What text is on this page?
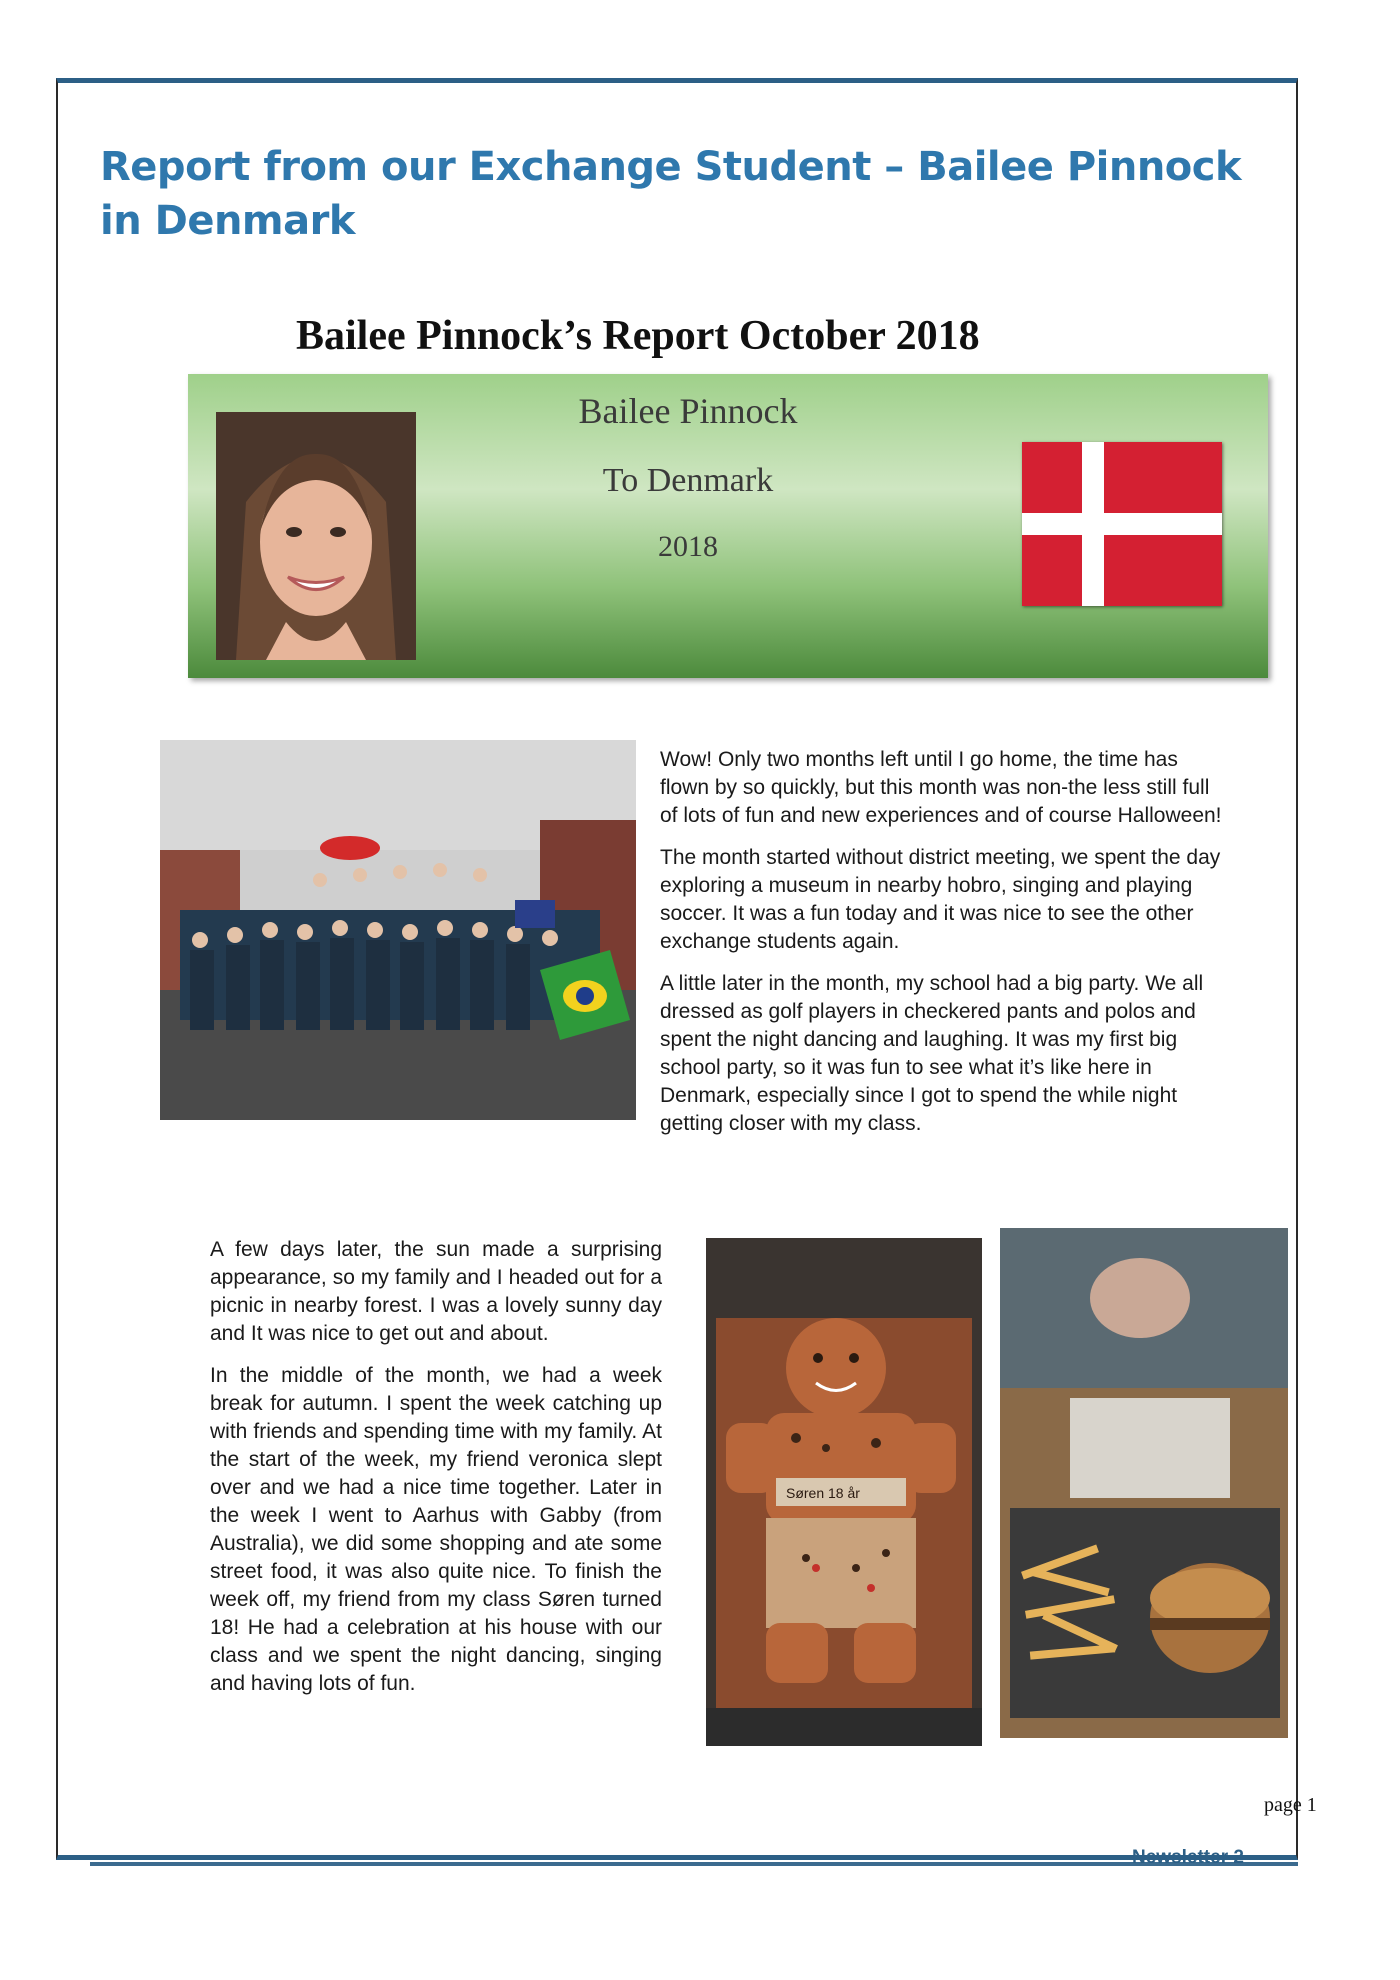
Report from our Exchange Student – Bailee Pinnock in Denmark
Bailee Pinnock’s Report October 2018

Bailee Pinnock

To Denmark

2018

Wow! Only two months left until I go home, the time has flown by so quickly, but this month was non-the less still full of lots of fun and new experiences and of course Halloween!

The month started without district meeting, we spent the day exploring a museum in nearby hobro, singing and playing soccer. It was a fun today and it was nice to see the other exchange students again.

A little later in the month, my school had a big party. We all dressed as golf players in checkered pants and polos and spent the night dancing and laughing. It was my first big school party, so it was fun to see what it’s like here in Denmark, especially since I got to spend the while night getting closer with my class.

A few days later, the sun made a surprising appearance, so my family and I headed out for a picnic in nearby forest. I was a lovely sunny day and It was nice to get out and about.

In the middle of the month, we had a week break for autumn. I spent the week catching up with friends and spending time with my family. At the start of the week, my friend veronica slept over and we had a nice time together. Later in the week I went to Aarhus with Gabby (from Australia), we did some shopping and ate some street food, it was also quite nice. To finish the week off, my friend from my class Søren turned 18! He had a celebration at his house with our class and we spent the night dancing, singing and having lots of fun.

Søren 18 år
page 1
Newsletter 2
